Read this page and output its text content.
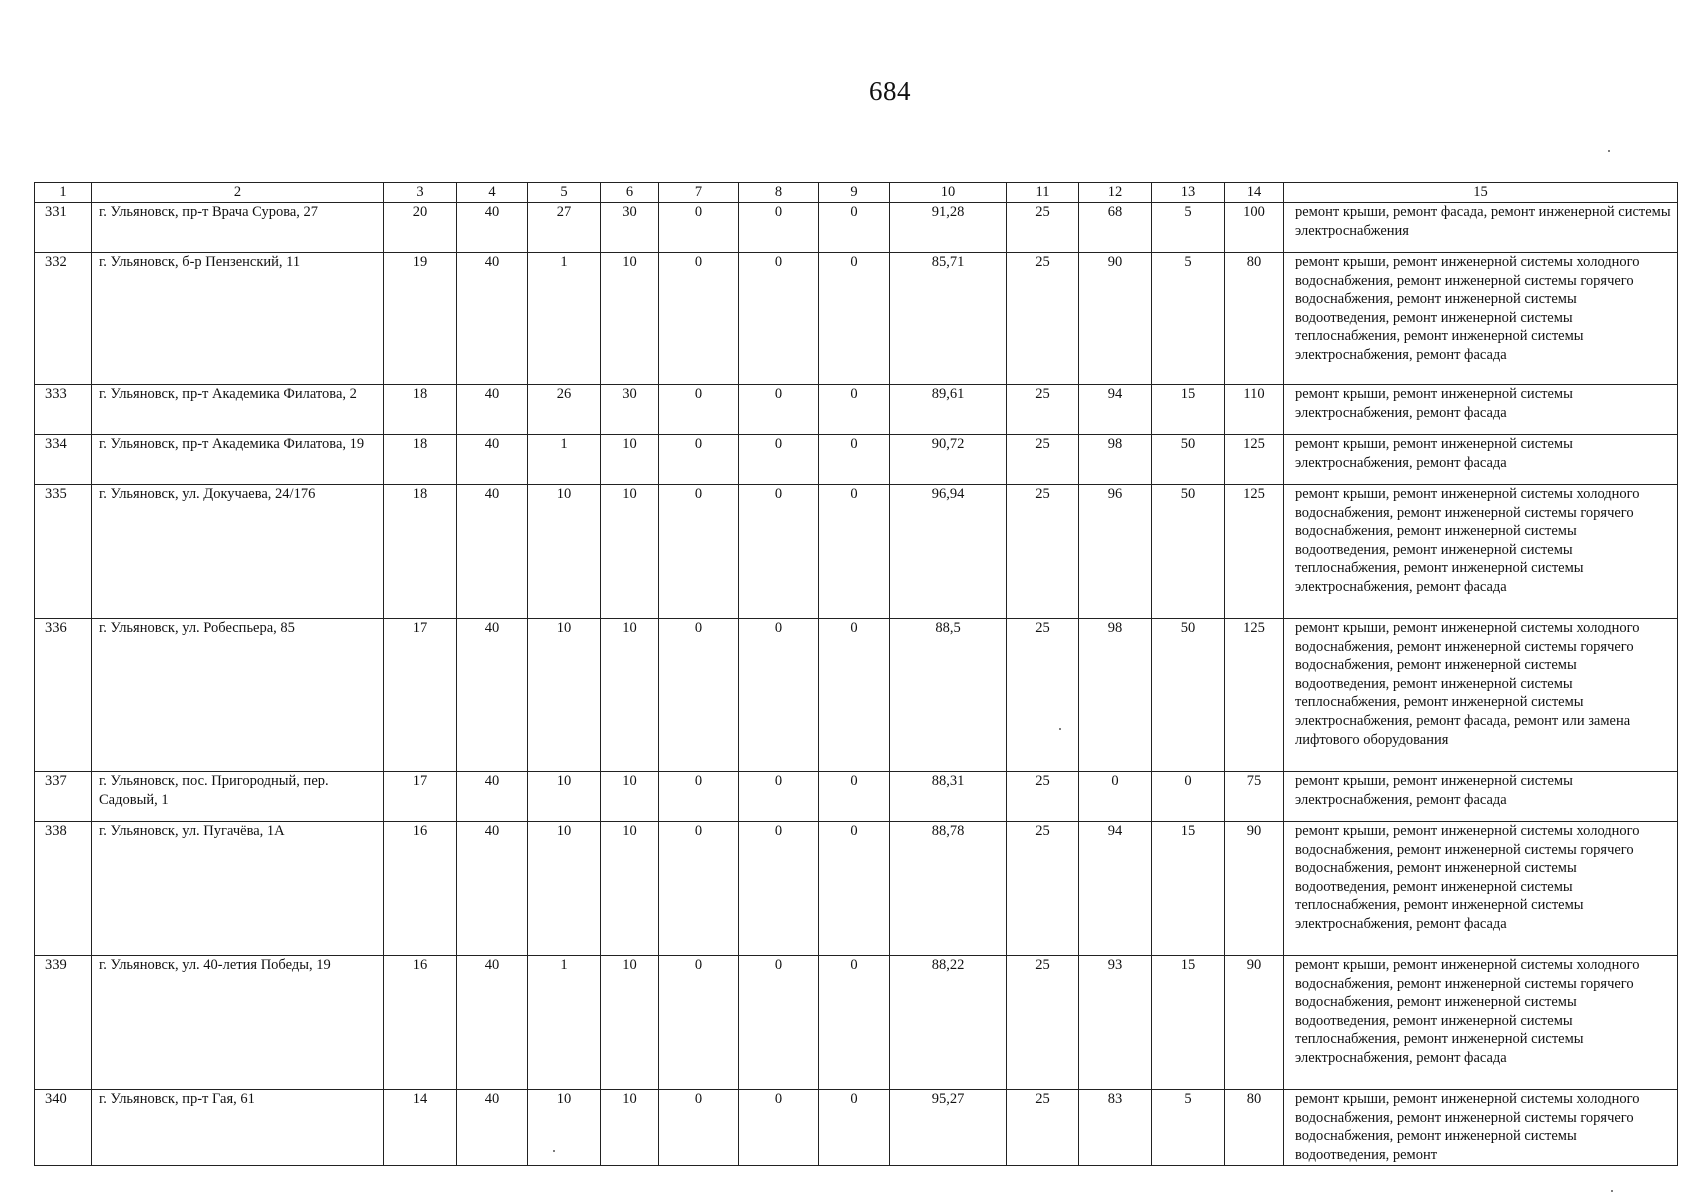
684
1	2	3	4	5	6	7	8	9	10	11	12	13	14	15
331	г. Ульяновск, пр-т Врача Сурова, 27	20	40	27	30	0	0	0	91,28	25	68	5	100	ремонт крыши, ремонт фасада, ремонт инженерной системы электроснабжения
332	г. Ульяновск, б-р Пензенский, 11	19	40	1	10	0	0	0	85,71	25	90	5	80	ремонт крыши, ремонт инженерной системы холодного водоснабжения, ремонт инженерной системы горячего водоснабжения, ремонт инженерной системы водоотведения, ремонт инженерной системы теплоснабжения, ремонт инженерной системы электроснабжения, ремонт фасада
333	г. Ульяновск, пр-т Академика Филатова, 2	18	40	26	30	0	0	0	89,61	25	94	15	110	ремонт крыши, ремонт инженерной системы электроснабжения, ремонт фасада
334	г. Ульяновск, пр-т Академика Филатова, 19	18	40	1	10	0	0	0	90,72	25	98	50	125	ремонт крыши, ремонт инженерной системы электроснабжения, ремонт фасада
335	г. Ульяновск, ул. Докучаева, 24/176	18	40	10	10	0	0	0	96,94	25	96	50	125	ремонт крыши, ремонт инженерной системы холодного водоснабжения, ремонт инженерной системы горячего водоснабжения, ремонт инженерной системы водоотведения, ремонт инженерной системы теплоснабжения, ремонт инженерной системы электроснабжения, ремонт фасада
336	г. Ульяновск, ул. Робеспьера, 85	17	40	10	10	0	0	0	88,5	25	98	50	125	ремонт крыши, ремонт инженерной системы холодного водоснабжения, ремонт инженерной системы горячего водоснабжения, ремонт инженерной системы водоотведения, ремонт инженерной системы теплоснабжения, ремонт инженерной системы электроснабжения, ремонт фасада, ремонт или замена лифтового оборудования
337	г. Ульяновск, пос. Пригородный, пер. Садовый, 1	17	40	10	10	0	0	0	88,31	25	0	0	75	ремонт крыши, ремонт инженерной системы электроснабжения, ремонт фасада
338	г. Ульяновск, ул. Пугачёва, 1А	16	40	10	10	0	0	0	88,78	25	94	15	90	ремонт крыши, ремонт инженерной системы холодного водоснабжения, ремонт инженерной системы горячего водоснабжения, ремонт инженерной системы водоотведения, ремонт инженерной системы теплоснабжения, ремонт инженерной системы электроснабжения, ремонт фасада
339	г. Ульяновск, ул. 40-летия Победы, 19	16	40	1	10	0	0	0	88,22	25	93	15	90	ремонт крыши, ремонт инженерной системы холодного водоснабжения, ремонт инженерной системы горячего водоснабжения, ремонт инженерной системы водоотведения, ремонт инженерной системы теплоснабжения, ремонт инженерной системы электроснабжения, ремонт фасада
340	г. Ульяновск, пр-т Гая, 61	14	40	10	10	0	0	0	95,27	25	83	5	80	ремонт крыши, ремонт инженерной системы холодного водоснабжения, ремонт инженерной системы горячего водоснабжения, ремонт инженерной системы водоотведения, ремонт
